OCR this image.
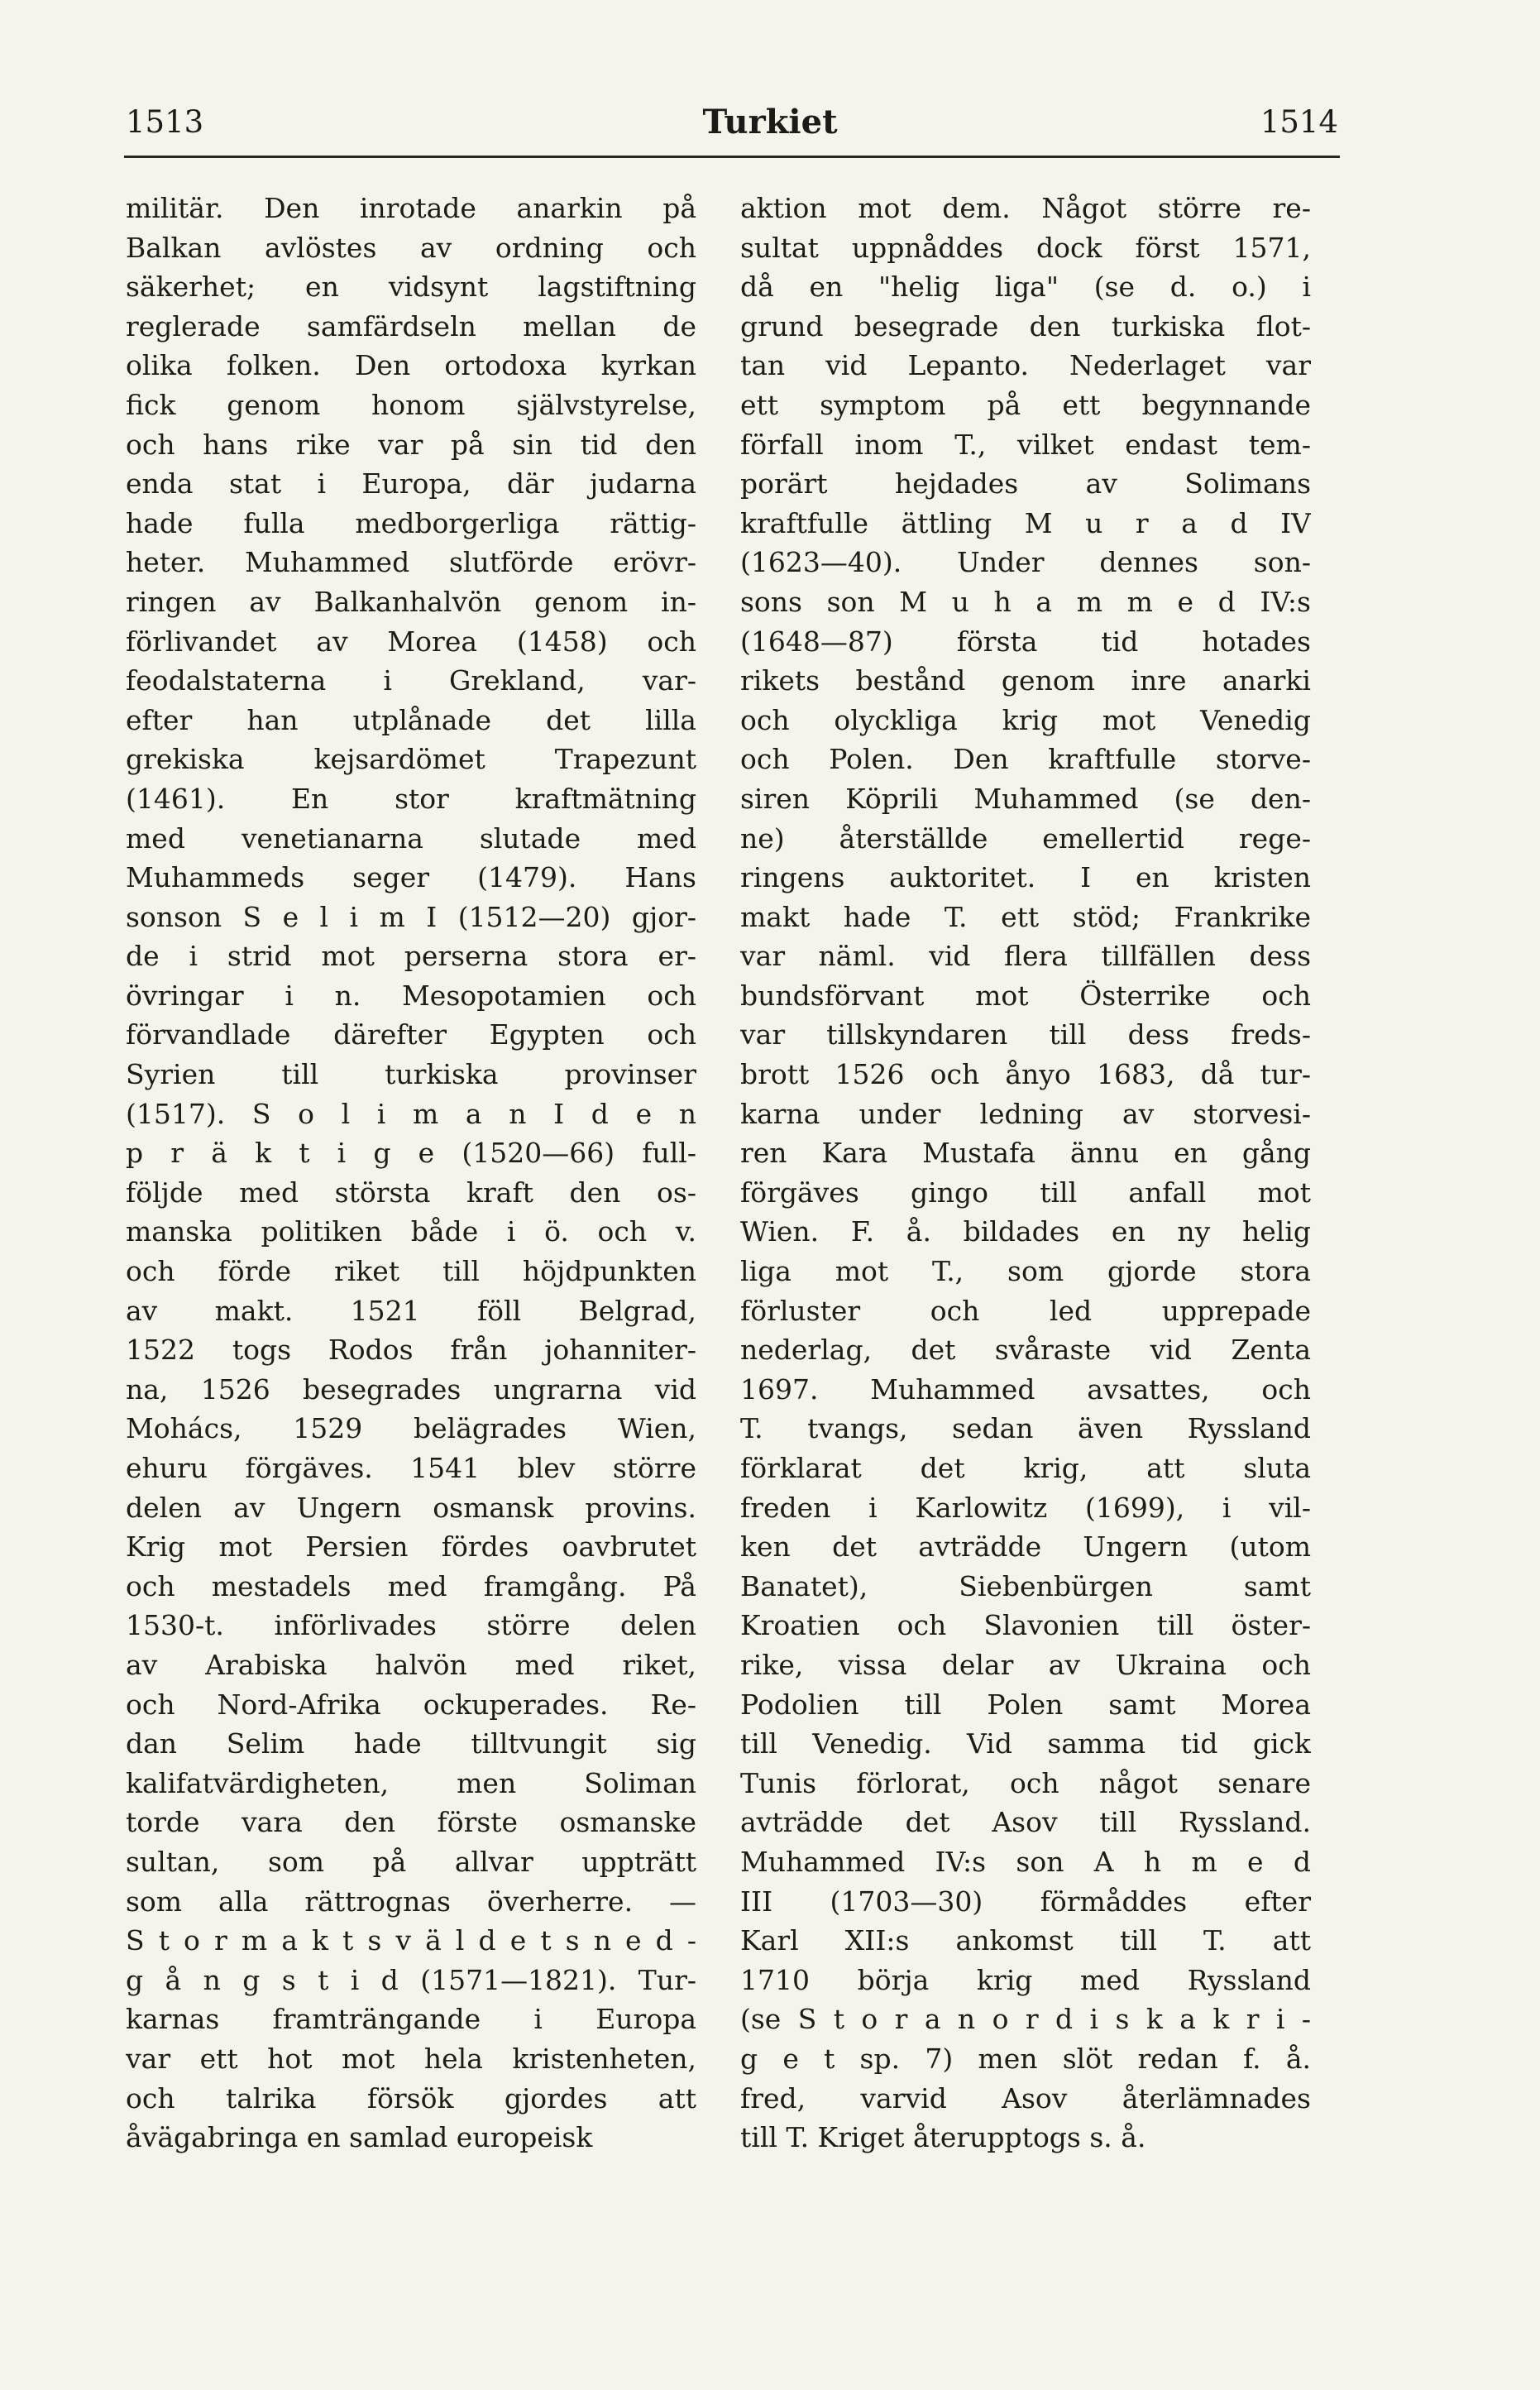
1513	Turkiet	1514
militär. Den inrotade anarkin på
Balkan avlöstes av ordning och
säkerhet; en vidsynt lagstiftning
reglerade samfärdseln mellan de
olika folken. Den ortodoxa kyrkan
fick genom honom självstyrelse,
och hans rike var på sin tid den
enda stat i Europa, där judarna
hade fulla medborgerliga rättig-
heter. Muhammed slutförde erövr-
ringen av Balkanhalvön genom in-
förlivandet av Morea (1458) och
feodalstaterna i Grekland, var-
efter han utplånade det lilla
grekiska kejsardömet Trapezunt
(1461). En stor kraftmätning
med venetianarna slutade med
Muhammeds seger (1479). Hans
sonson S e l i m I (1512—20) gjor-
de i strid mot perserna stora er-
övringar i n. Mesopotamien och
förvandlade därefter Egypten och
Syrien till turkiska provinser
(1517). S o l i m a n I d e n
p r ä k t i g e (1520—66) full-
följde med största kraft den os-
manska politiken både i ö. och v.
och förde riket till höjdpunkten
av makt. 1521 föll Belgrad,
1522 togs Rodos från johanniter-
na, 1526 besegrades ungrarna vid
Mohács, 1529 belägrades Wien,
ehuru förgäves. 1541 blev större
delen av Ungern osmansk provins.
Krig mot Persien fördes oavbrutet
och mestadels med framgång. På
1530-t. införlivades större delen
av Arabiska halvön med riket,
och Nord-Afrika ockuperades. Re-
dan Selim hade tilltvungit sig
kalifatvärdigheten, men Soliman
torde vara den förste osmanske
sultan, som på allvar uppträtt
som alla rättrognas överherre. —
S t o r m a k t s v ä l d e t s n e d -
g å n g s t i d (1571—1821). Tur-
karnas framträngande i Europa
var ett hot mot hela kristenheten,
och talrika försök gjordes att
åvägabringa en samlad europeisk
aktion mot dem. Något större re-
sultat uppnåddes dock först 1571,
då en "helig liga" (se d. o.) i
grund besegrade den turkiska flot-
tan vid Lepanto. Nederlaget var
ett symptom på ett begynnande
förfall inom T., vilket endast tem-
porärt hejdades av Solimans
kraftfulle ättling M u r a d IV
(1623—40). Under dennes son-
sons son M u h a m m e d IV:s
(1648—87) första tid hotades
rikets bestånd genom inre anarki
och olyckliga krig mot Venedig
och Polen. Den kraftfulle storve-
siren Köprili Muhammed (se den-
ne) återställde emellertid rege-
ringens auktoritet. I en kristen
makt hade T. ett stöd; Frankrike
var näml. vid flera tillfällen dess
bundsförvant mot Österrike och
var tillskyndaren till dess freds-
brott 1526 och ånyo 1683, då tur-
karna under ledning av storvesi-
ren Kara Mustafa ännu en gång
förgäves gingo till anfall mot
Wien. F. å. bildades en ny helig
liga mot T., som gjorde stora
förluster och led upprepade
nederlag, det svåraste vid Zenta
1697. Muhammed avsattes, och
T. tvangs, sedan även Ryssland
förklarat det krig, att sluta
freden i Karlowitz (1699), i vil-
ken det avträdde Ungern (utom
Banatet), Siebenbürgen samt
Kroatien och Slavonien till öster-
rike, vissa delar av Ukraina och
Podolien till Polen samt Morea
till Venedig. Vid samma tid gick
Tunis förlorat, och något senare
avträdde det Asov till Ryssland.
Muhammed IV:s son A h m e d
III (1703—30) förmåddes efter
Karl XII:s ankomst till T. att
1710 börja krig med Ryssland
(se S t o r a n o r d i s k a k r i -
g e t sp. 7) men slöt redan f. å.
fred, varvid Asov återlämnades
till T. Kriget återupptogs s. å.
